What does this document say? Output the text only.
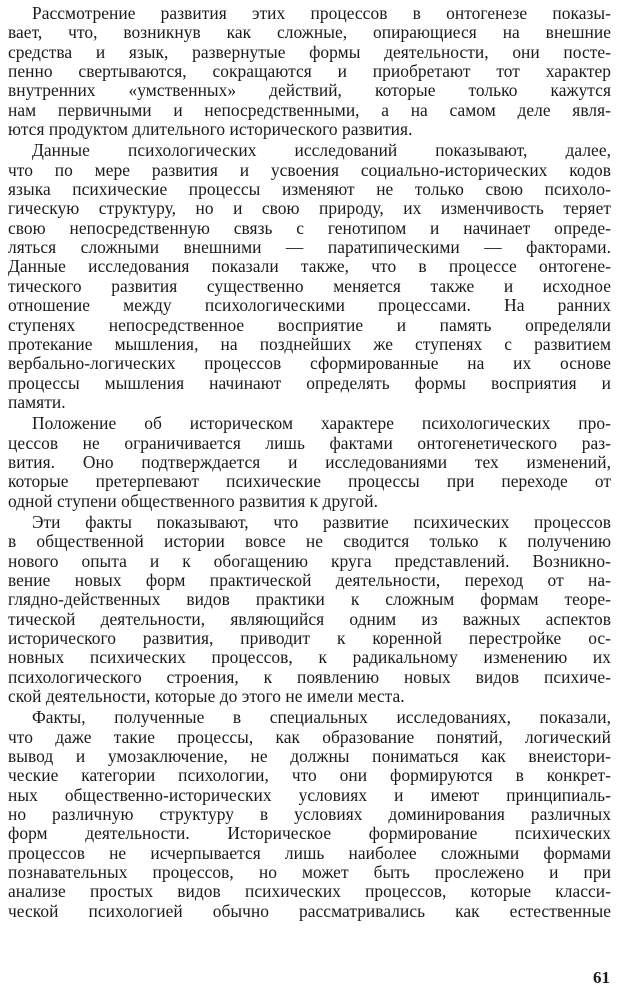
Рассмотрение развития этих процессов в онтогенезе показы-
вает, что, возникнув как сложные, опирающиеся на внешние
средства и язык, развернутые формы деятельности, они посте-
пенно свертываются, сокращаются и приобретают тот характер
внутренних «умственных» действий, которые только кажутся
нам первичными и непосредственными, а на самом деле явля-
ются продуктом длительного исторического развития.
Данные психологических исследований показывают, далее,
что по мере развития и усвоения социально-исторических кодов
языка психические процессы изменяют не только свою психоло-
гическую структуру, но и свою природу, их изменчивость теряет
свою непосредственную связь с генотипом и начинает опреде-
ляться сложными внешними — паратипическими — факторами.
Данные исследования показали также, что в процессе онтогене-
тического развития существенно меняется также и исходное
отношение между психологическими процессами. На ранних
ступенях непосредственное восприятие и память определяли
протекание мышления, на позднейших же ступенях с развитием
вербально-логических процессов сформированные на их основе
процессы мышления начинают определять формы восприятия и
памяти.
Положение об историческом характере психологических про-
цессов не ограничивается лишь фактами онтогенетического раз-
вития. Оно подтверждается и исследованиями тех изменений,
которые претерпевают психические процессы при переходе от
одной ступени общественного развития к другой.
Эти факты показывают, что развитие психических процессов
в общественной истории вовсе не сводится только к получению
нового опыта и к обогащению круга представлений. Возникно-
вение новых форм практической деятельности, переход от на-
глядно-действенных видов практики к сложным формам теоре-
тической деятельности, являющийся одним из важных аспектов
исторического развития, приводит к коренной перестройке ос-
новных психических процессов, к радикальному изменению их
психологического строения, к появлению новых видов психиче-
ской деятельности, которые до этого не имели места.
Факты, полученные в специальных исследованиях, показали,
что даже такие процессы, как образование понятий, логический
вывод и умозаключение, не должны пониматься как внеистори-
ческие категории психологии, что они формируются в конкрет-
ных общественно-исторических условиях и имеют принципиаль-
но различную структуру в условиях доминирования различных
форм деятельности. Историческое формирование психических
процессов не исчерпывается лишь наиболее сложными формами
познавательных процессов, но может быть прослежено и при
анализе простых видов психических процессов, которые класси-
ческой психологией обычно рассматривались как естественные
61
